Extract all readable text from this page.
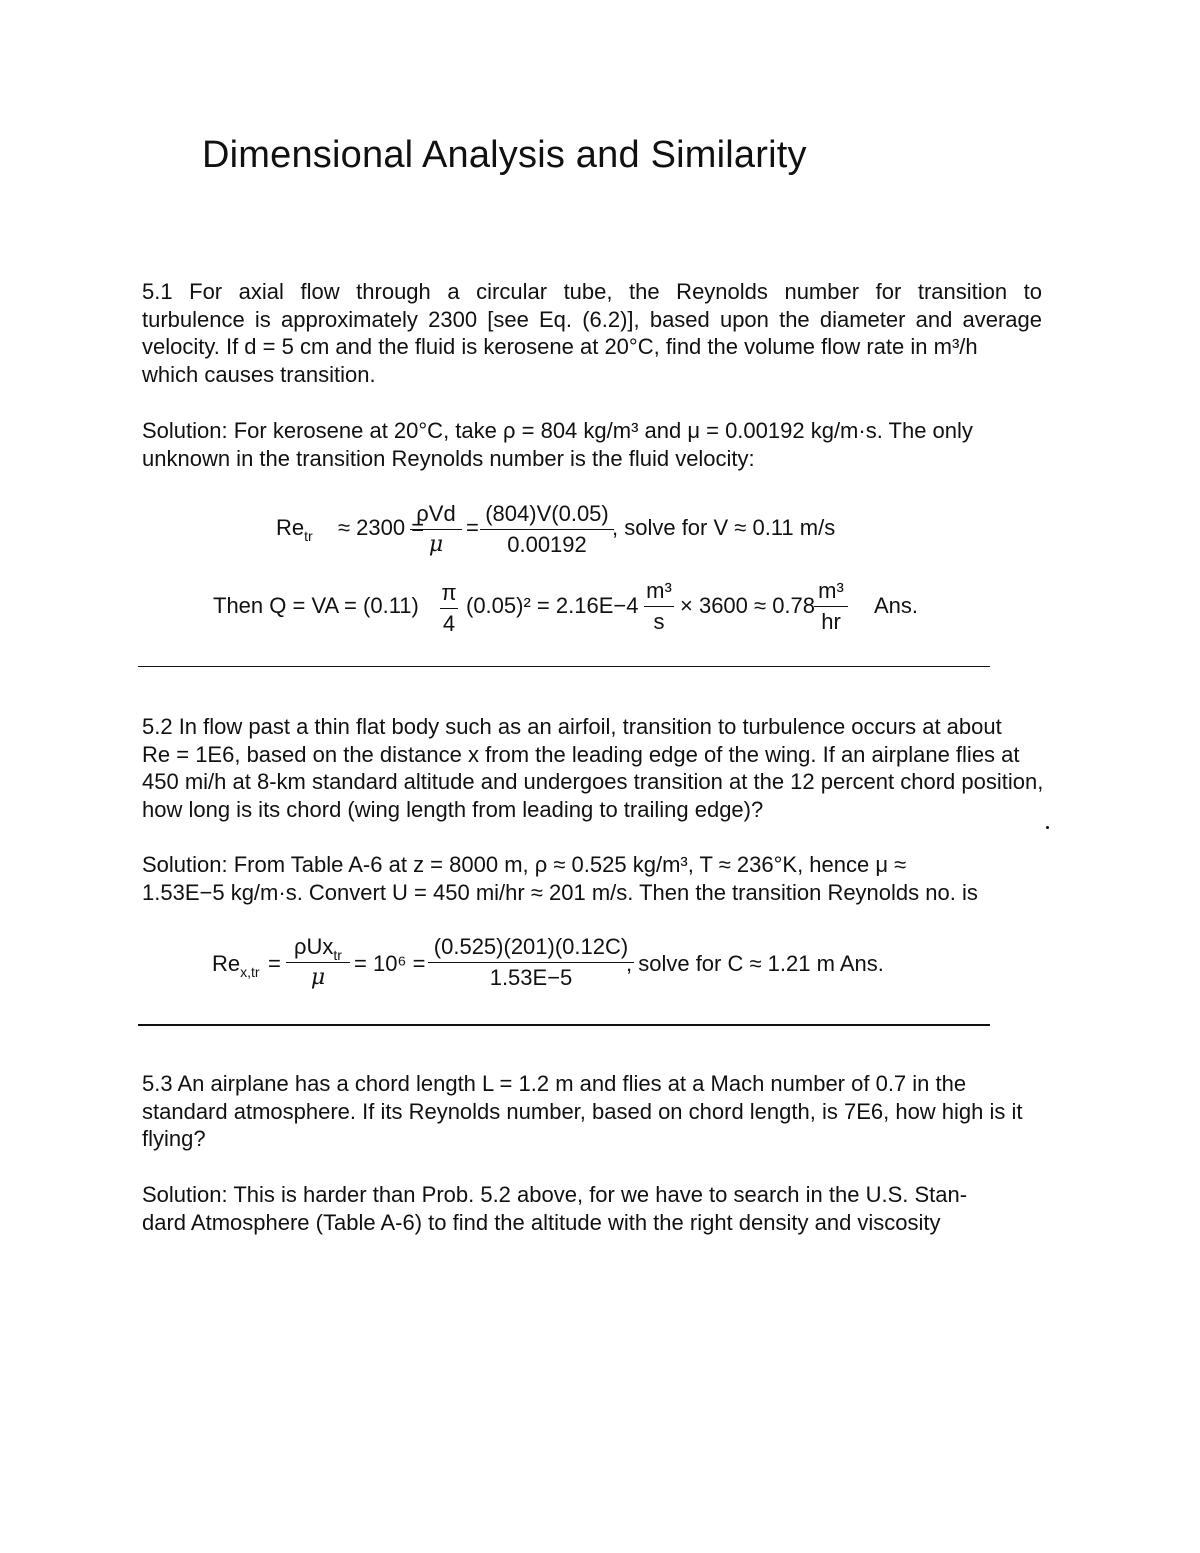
Dimensional Analysis and Similarity
5.1 For axial flow through a circular tube, the Reynolds number for transition to
turbulence is approximately 2300 [see Eq. (6.2)], based upon the diameter and average
velocity. If d = 5 cm and the fluid is kerosene at 20°C, find the volume flow rate in m³/h
which causes transition.
Solution: For kerosene at 20°C, take ρ = 804 kg/m³ and μ = 0.00192 kg/m·s. The only
unknown in the transition Reynolds number is the fluid velocity:
$Re_{tr} \approx 2300$ =
ρVd
μ
=
(804)V(0.05)
0.00192
, solve for V ≈ 0.11 m/s
Then Q = VA = (0.11)
π
4
(0.05)² = 2.16E−4
m³
s
× 3600 ≈ 0.78
m³
hr
Ans.
5.2 In flow past a thin flat body such as an airfoil, transition to turbulence occurs at about
Re = 1E6, based on the distance x from the leading edge of the wing. If an airplane flies at
450 mi/h at 8-km standard altitude and undergoes transition at the 12 percent chord position,
how long is its chord (wing length from leading to trailing edge)?
Solution: From Table A-6 at z = 8000 m, ρ ≈ 0.525 kg/m³, T ≈ 236°K, hence μ ≈
1.53E−5 kg/m·s. Convert U = 450 mi/hr ≈ 201 m/s. Then the transition Reynolds no. is
$Re_{x,tr}$ =
ρUx$_{tr}$
μ
= 10⁶ =
(0.525)(201)(0.12C)
1.53E−5
, solve for C ≈ 1.21 m Ans.
5.3 An airplane has a chord length L = 1.2 m and flies at a Mach number of 0.7 in the
standard atmosphere. If its Reynolds number, based on chord length, is 7E6, how high is it
flying?
Solution: This is harder than Prob. 5.2 above, for we have to search in the U.S. Stan-
dard Atmosphere (Table A-6) to find the altitude with the right density and viscosity
